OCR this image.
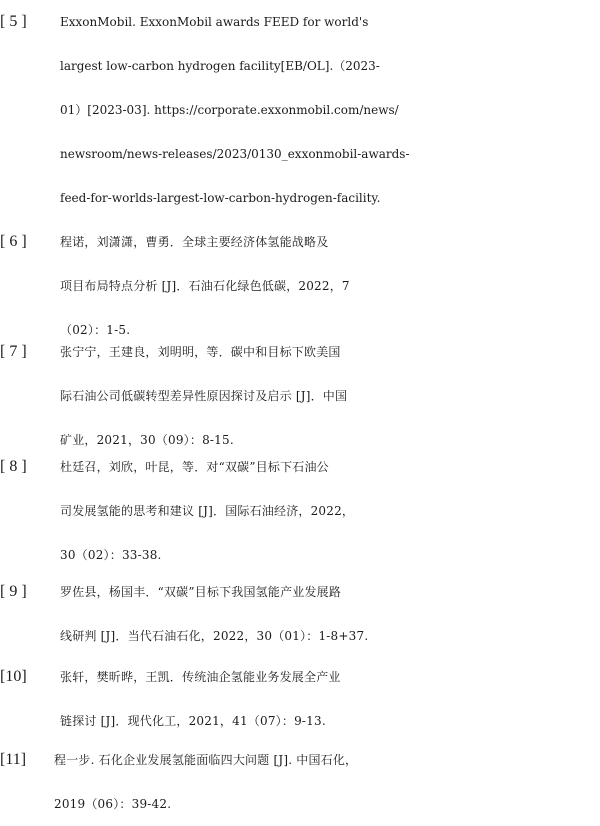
[ 5 ]	ExxonMobil. ExxonMobil awards FEED for world's
largest low-carbon hydrogen facility[EB/OL].（2023-
01）[2023-03]. https://corporate.exxonmobil.com/news/
newsroom/news-releases/2023/0130_exxonmobil-awards-
feed-for-worlds-largest-low-carbon-hydrogen-facility.
[ 6 ]	程诺，刘潇潇，曹勇．全球主要经济体氢能战略及
项目布局特点分析 [J]．石油石化绿色低碳，2022，7
（02）：1-5.
[ 7 ]	张宁宁，王建良，刘明明，等．碳中和目标下欧美国
际石油公司低碳转型差异性原因探讨及启示 [J]．中国
矿业，2021，30（09）：8-15.
[ 8 ]	杜廷召，刘欣，叶昆，等．对“双碳”目标下石油公
司发展氢能的思考和建议 [J]．国际石油经济，2022，
30（02）：33-38.
[ 9 ]	罗佐县，杨国丰．“双碳”目标下我国氢能产业发展路
线研判 [J]．当代石油石化，2022，30（01）：1-8+37.
[10]	张轩，樊昕晔，王凯．传统油企氢能业务发展全产业
链探讨 [J]．现代化工，2021，41（07）：9-13.
[11]	程一步. 石化企业发展氢能面临四大问题 [J]. 中国石化，
2019（06）：39-42.
